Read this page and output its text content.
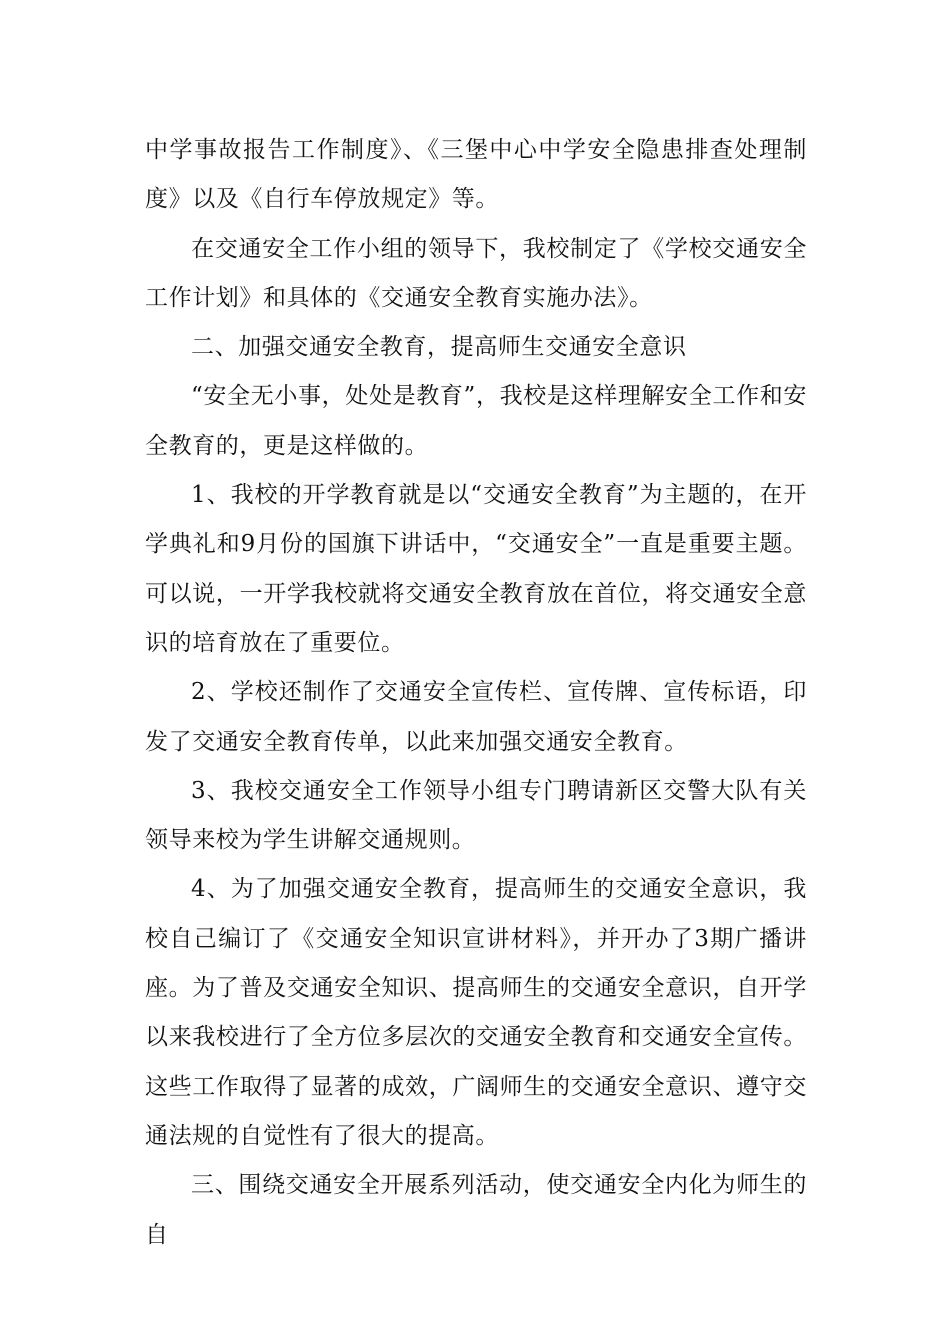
中学事故报告工作制度》、《三堡中心中学安全隐患排查处理制度》以及《自行车停放规定》等。

在交通安全工作小组的领导下，我校制定了《学校交通安全工作计划》和具体的《交通安全教育实施办法》。

二、加强交通安全教育，提高师生交通安全意识

“安全无小事，处处是教育”，我校是这样理解安全工作和安全教育的，更是这样做的。

1、我校的开学教育就是以“交通安全教育”为主题的，在开学典礼和9月份的国旗下讲话中，“交通安全”一直是重要主题。可以说，一开学我校就将交通安全教育放在首位，将交通安全意识的培育放在了重要位。

2、学校还制作了交通安全宣传栏、宣传牌、宣传标语，印发了交通安全教育传单，以此来加强交通安全教育。

3、我校交通安全工作领导小组专门聘请新区交警大队有关领导来校为学生讲解交通规则。

4、为了加强交通安全教育，提高师生的交通安全意识，我校自己编订了《交通安全知识宣讲材料》，并开办了3期广播讲座。为了普及交通安全知识、提高师生的交通安全意识，自开学以来我校进行了全方位多层次的交通安全教育和交通安全宣传。这些工作取得了显著的成效，广阔师生的交通安全意识、遵守交通法规的自觉性有了很大的提高。

三、围绕交通安全开展系列活动，使交通安全内化为师生的自
